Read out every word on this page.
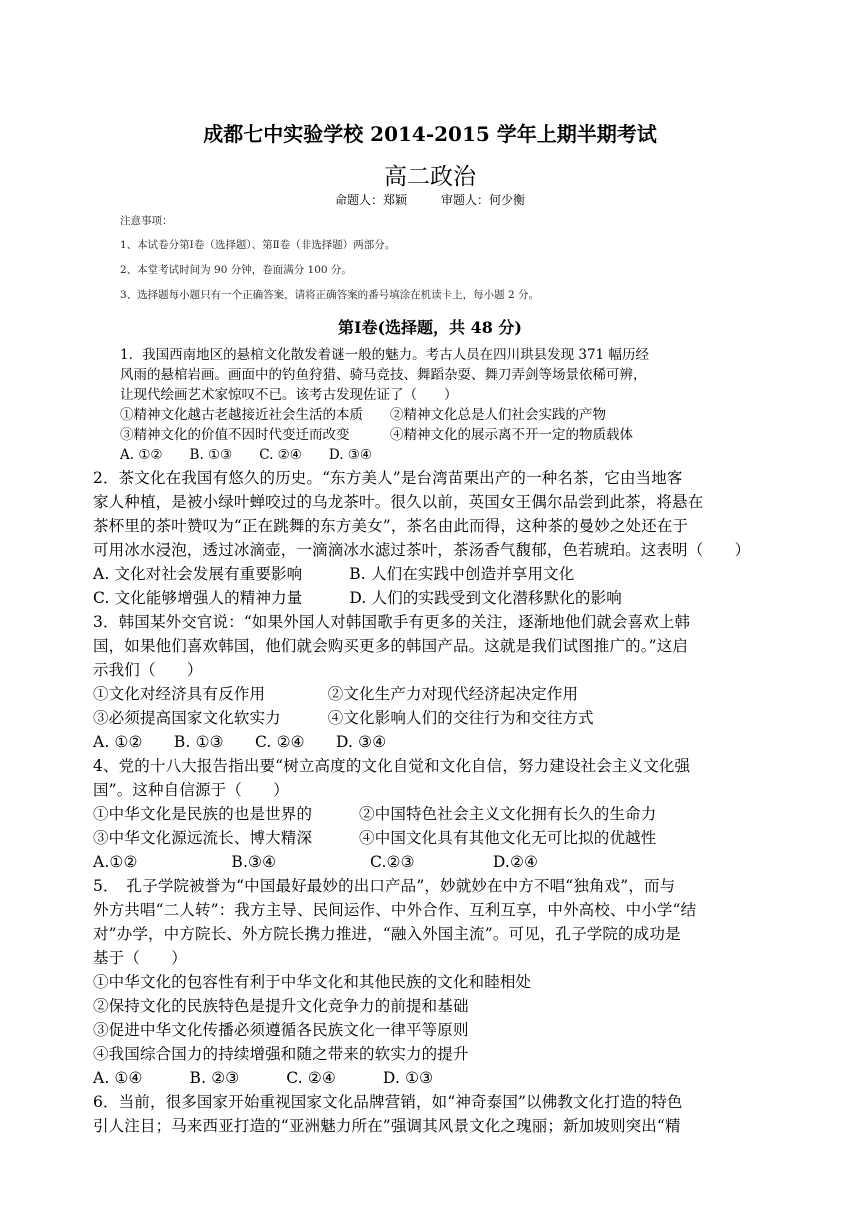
成都七中实验学校 2014-2015 学年上期半期考试
高二政治
命题人：郑颖	审题人：何少衡
注意事项：
1、本试卷分第Ⅰ卷（选择题）、第Ⅱ卷（非选择题）两部分。
2、本堂考试时间为 90 分钟，卷面满分 100 分。
3、选择题每小题只有一个正确答案，请将正确答案的番号填涂在机读卡上，每小题 2 分。
第Ⅰ卷(选择题，共 48 分)
1．我国西南地区的悬棺文化散发着谜一般的魅力。考古人员在四川珙县发现 371 幅历经
风雨的悬棺岩画。画面中的钓鱼狩猎、骑马竞技、舞蹈杂耍、舞刀弄剑等场景依稀可辨，
让现代绘画艺术家惊叹不已。该考古发现佐证了（　　）
①精神文化越古老越接近社会生活的本质　　②精神文化总是人们社会实践的产物
③精神文化的价值不因时代变迁而改变　　　④精神文化的展示离不开一定的物质载体
A. ①②　　B. ①③　　C. ②④　　D. ③④
2．茶文化在我国有悠久的历史。“东方美人”是台湾苗栗出产的一种名茶，它由当地客
家人种植，是被小绿叶蝉咬过的乌龙茶叶。很久以前，英国女王偶尔品尝到此茶，将悬在
茶杯里的茶叶赞叹为“正在跳舞的东方美女”，茶名由此而得，这种茶的曼妙之处还在于
可用冰水浸泡，透过冰滴壶，一滴滴冰水滤过茶叶，茶汤香气馥郁，色若琥珀。这表明（　　）
A. 文化对社会发展有重要影响　　　B. 人们在实践中创造并享用文化
C. 文化能够增强人的精神力量　　　D. 人们的实践受到文化潜移默化的影响
3．韩国某外交官说：“如果外国人对韩国歌手有更多的关注，逐渐地他们就会喜欢上韩
国，如果他们喜欢韩国，他们就会购买更多的韩国产品。这就是我们试图推广的。”这启
示我们（　　）
①文化对经济具有反作用　　　　②文化生产力对现代经济起决定作用
③必须提高国家文化软实力　　　④文化影响人们的交往行为和交往方式
A. ①②　　B. ①③　　C. ②④　　D. ③④
4、党的十八大报告指出要“树立高度的文化自觉和文化自信，努力建设社会主义文化强
国”。这种自信源于（　　）
①中华文化是民族的也是世界的　　　②中国特色社会主义文化拥有长久的生命力
③中华文化源远流长、博大精深　　　④中国文化具有其他文化无可比拟的优越性
A.①②　　　　　　B.③④　　　　　　C.②③　　　　　D.②④
5．　孔子学院被誉为“中国最好最妙的出口产品”，妙就妙在中方不唱“独角戏”，而与
外方共唱“二人转”：我方主导、民间运作、中外合作、互利互享，中外高校、中小学“结
对”办学，中方院长、外方院长携力推进，“融入外国主流”。可见，孔子学院的成功是
基于（　　）
①中华文化的包容性有利于中华文化和其他民族的文化和睦相处
②保持文化的民族特色是提升文化竞争力的前提和基础
③促进中华文化传播必须遵循各民族文化一律平等原则
④我国综合国力的持续增强和随之带来的软实力的提升
A. ①④　　　B. ②③　　　C. ②④　　　D. ①③
6．当前，很多国家开始重视国家文化品牌营销，如“神奇泰国”以佛教文化打造的特色
引人注目；马来西亚打造的“亚洲魅力所在”强调其风景文化之瑰丽；新加坡则突出“精
